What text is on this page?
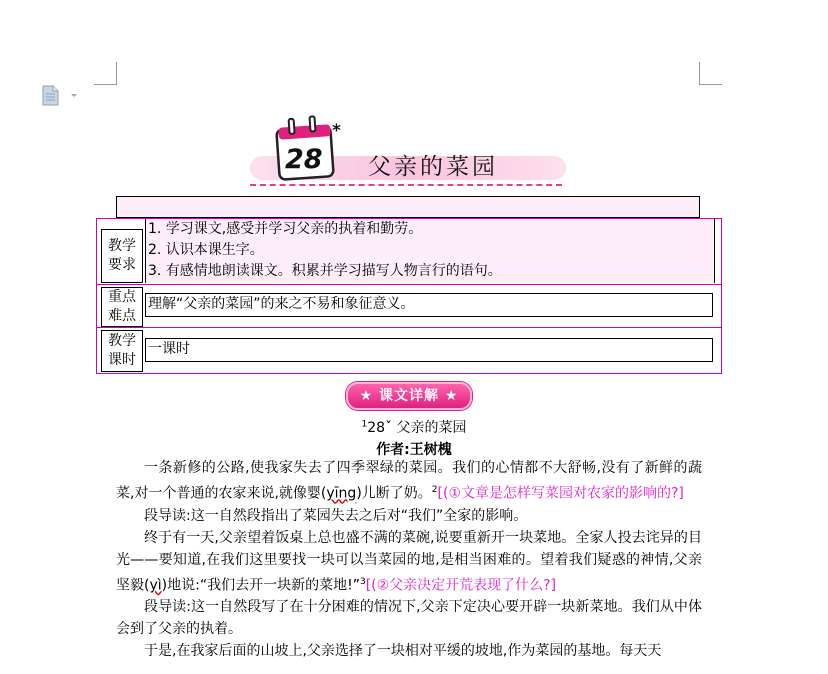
28
*
父亲的菜园
教学
要求
1. 学习课文,感受并学习父亲的执着和勤劳。
2. 认识本课生字。
3. 有感情地朗读课文。积累并学习描写人物言行的语句。
重点
难点
理解“父亲的菜园”的来之不易和象征意义。
教学
课时
一课时
★ 课文详解 ★
$^1$28ˇ 父亲的菜园
作者:王树槐

一条新修的公路,使我家失去了四季翠绿的菜园。我们的心情都不大舒畅,没有了新鲜的蔬菜,对一个普通的农家来说,就像婴(yīng)儿断了奶。$^2$[(①文章是怎样写菜园对农家的影响的?]

段导读:这一自然段指出了菜园失去之后对“我们”全家的影响。

终于有一天,父亲望着饭桌上总也盛不满的菜碗,说要重新开一块菜地。全家人投去诧异的目光——要知道,在我们这里要找一块可以当菜园的地,是相当困难的。望着我们疑惑的神情,父亲坚毅(yì)地说:“我们去开一块新的菜地!”$^3$[(②父亲决定开荒表现了什么?]

段导读:这一自然段写了在十分困难的情况下,父亲下定决心要开辟一块新菜地。我们从中体会到了父亲的执着。

于是,在我家后面的山坡上,父亲选择了一块相对平缓的坡地,作为菜园的基地。每天天
